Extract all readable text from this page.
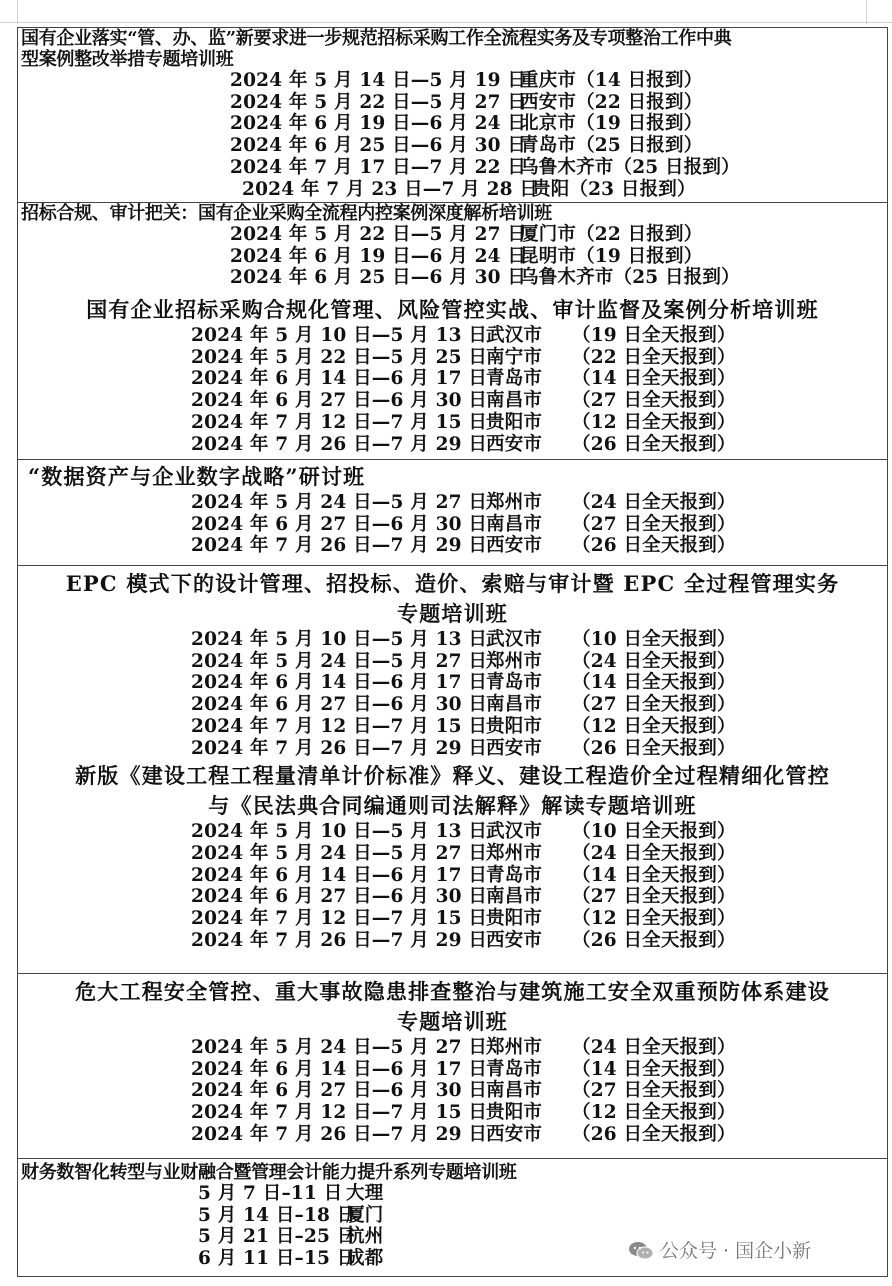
国有企业落实“管、办、监”新要求进一步规范招标采购工作全流程实务及专项整治工作中典
型案例整改举措专题培训班
2024 年 5 月 14 日—5 月 19 日重庆市（14 日报到）
2024 年 5 月 22 日—5 月 27 日西安市（22 日报到）
2024 年 6 月 19 日—6 月 24 日北京市（19 日报到）
2024 年 6 月 25 日—6 月 30 日青岛市（25 日报到）
2024 年 7 月 17 日—7 月 22 日乌鲁木齐市（25 日报到）
2024 年 7 月 23 日—7 月 28 日贵阳（23 日报到）
招标合规、审计把关：国有企业采购全流程内控案例深度解析培训班
2024 年 5 月 22 日—5 月 27 日厦门市（22 日报到）
2024 年 6 月 19 日—6 月 24 日昆明市（19 日报到）
2024 年 6 月 25 日—6 月 30 日乌鲁木齐市（25 日报到）
国有企业招标采购合规化管理、风险管控实战、审计监督及案例分析培训班
2024 年 5 月 10 日—5 月 13 日武汉市 （19 日全天报到）
2024 年 5 月 22 日—5 月 25 日南宁市 （22 日全天报到）
2024 年 6 月 14 日—6 月 17 日青岛市 （14 日全天报到）
2024 年 6 月 27 日—6 月 30 日南昌市 （27 日全天报到）
2024 年 7 月 12 日—7 月 15 日贵阳市 （12 日全天报到）
2024 年 7 月 26 日—7 月 29 日西安市 （26 日全天报到）
“数据资产与企业数字战略”研讨班
2024 年 5 月 24 日—5 月 27 日郑州市 （24 日全天报到）
2024 年 6 月 27 日—6 月 30 日南昌市 （27 日全天报到）
2024 年 7 月 26 日—7 月 29 日西安市 （26 日全天报到）
EPC 模式下的设计管理、招投标、造价、索赔与审计暨 EPC 全过程管理实务
专题培训班
2024 年 5 月 10 日—5 月 13 日武汉市 （10 日全天报到）
2024 年 5 月 24 日—5 月 27 日郑州市 （24 日全天报到）
2024 年 6 月 14 日—6 月 17 日青岛市 （14 日全天报到）
2024 年 6 月 27 日—6 月 30 日南昌市 （27 日全天报到）
2024 年 7 月 12 日—7 月 15 日贵阳市 （12 日全天报到）
2024 年 7 月 26 日—7 月 29 日西安市 （26 日全天报到）
新版《建设工程工程量清单计价标准》释义、建设工程造价全过程精细化管控
与《民法典合同编通则司法解释》解读专题培训班
2024 年 5 月 10 日—5 月 13 日武汉市 （10 日全天报到）
2024 年 5 月 24 日—5 月 27 日郑州市 （24 日全天报到）
2024 年 6 月 14 日—6 月 17 日青岛市 （14 日全天报到）
2024 年 6 月 27 日—6 月 30 日南昌市 （27 日全天报到）
2024 年 7 月 12 日—7 月 15 日贵阳市 （12 日全天报到）
2024 年 7 月 26 日—7 月 29 日西安市 （26 日全天报到）
危大工程安全管控、重大事故隐患排查整治与建筑施工安全双重预防体系建设
专题培训班
2024 年 5 月 24 日—5 月 27 日郑州市 （24 日全天报到）
2024 年 6 月 14 日—6 月 17 日青岛市 （14 日全天报到）
2024 年 6 月 27 日—6 月 30 日南昌市 （27 日全天报到）
2024 年 7 月 12 日—7 月 15 日贵阳市 （12 日全天报到）
2024 年 7 月 26 日—7 月 29 日西安市 （26 日全天报到）
财务数智化转型与业财融合暨管理会计能力提升系列专题培训班
5 月 7 日–11 日 大理
5 月 14 日–18 日厦门
5 月 21 日–25 日杭州
6 月 11 日–15 日成都	公众号 · 国企小新
